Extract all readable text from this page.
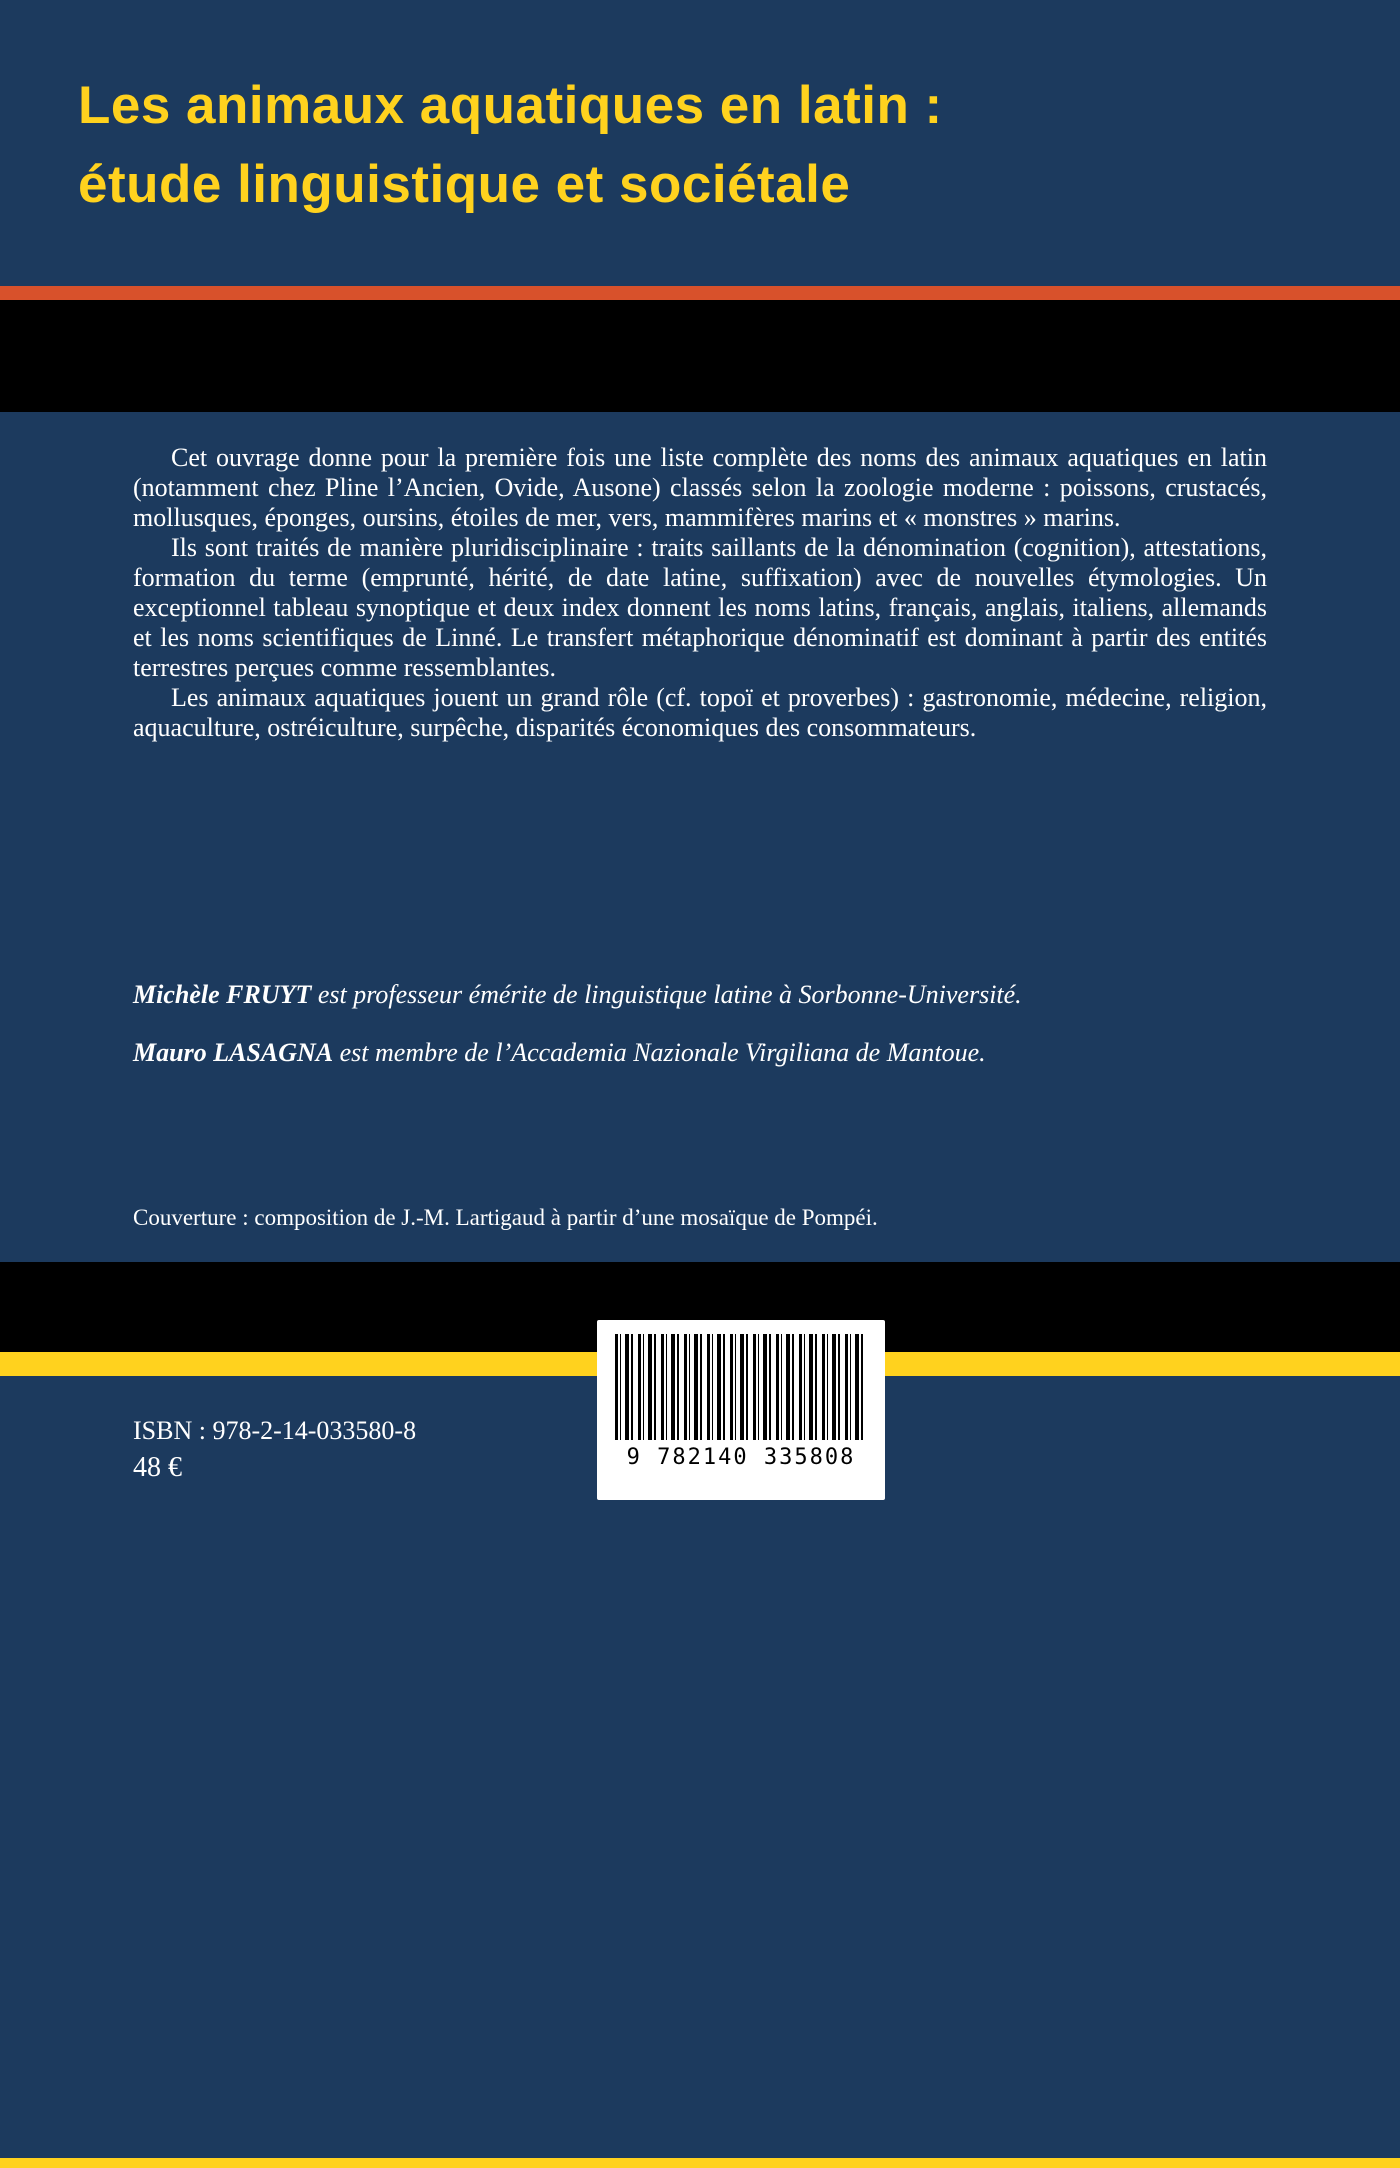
Les animaux aquatiques en latin :
étude linguistique et sociétale

Cet ouvrage donne pour la première fois une liste complète des noms des animaux aquatiques en latin (notamment chez Pline l’Ancien, Ovide, Ausone) classés selon la zoologie moderne : poissons, crustacés, mollusques, éponges, oursins, étoiles de mer, vers, mammifères marins et « monstres » marins.

Ils sont traités de manière pluridisciplinaire : traits saillants de la dénomination (cognition), attestations, formation du terme (emprunté, hérité, de date latine, suffixation) avec de nouvelles étymologies. Un exceptionnel tableau synoptique et deux index donnent les noms latins, français, anglais, italiens, allemands et les noms scientifiques de Linné. Le transfert métaphorique dénominatif est dominant à partir des entités terrestres perçues comme ressemblantes.

Les animaux aquatiques jouent un grand rôle (cf. topoï et proverbes) : gastronomie, médecine, religion, aquaculture, ostréiculture, surpêche, disparités économiques des consommateurs.

Michèle FRUYT est professeur émérite de linguistique latine à Sorbonne-Université.

Mauro LASAGNA est membre de l’Accademia Nazionale Virgiliana de Mantoue.

Couverture : composition de J.-M. Lartigaud à partir d’une mosaïque de Pompéi.

9 782140 335808
ISBN : 978-2-14-033580-8
48 €
